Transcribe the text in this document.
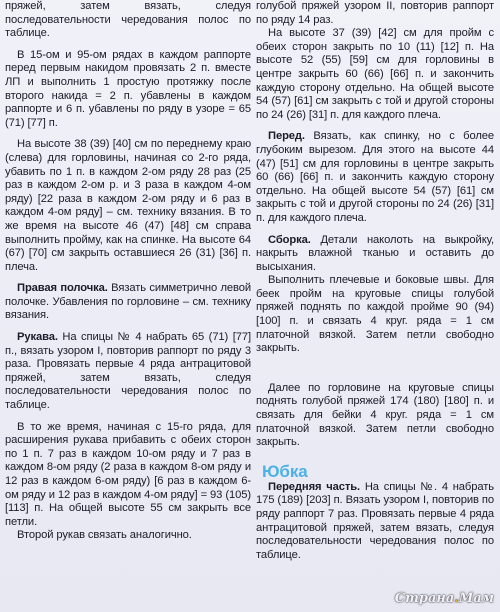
пряжей, затем вязать, следуя последовательности чередования полос по таблице.

В 15-ом и 95-ом рядах в каждом раппорте перед первым накидом провязать 2 п. вместе ЛП и выполнить 1 простую протяжку после второго накида = 2 п. убавлены в каждом раппорте и 6 п. убавлены по ряду в узоре = 65 (71) [77] п.

На высоте 38 (39) [40] см по переднему краю (слева) для горловины, начиная со 2-го ряда, убавить по 1 п. в каждом 2-ом ряду 28 раз (25 раз в каждом 2-ом р. и 3 раза в каждом 4-ом ряду) [22 раза в каждом 2-ом ряду и 6 раз в каждом 4-ом ряду] – см. технику вязания. В то же время на высоте 46 (47) [48] см справа выполнить пройму, как на спинке. На высоте 64 (67) [70] см закрыть оставшиеся 26 (31) [36] п. плеча.

Правая полочка. Вязать симметрично левой полочке. Убавления по горловине – см. технику вязания.

Рукава. На спицы № 4 набрать 65 (71) [77] п., вязать узором I, повторив раппорт по ряду 3 раза. Провязать первые 4 ряда антрацитовой пряжей, затем вязать, следуя последовательности чередования полос по таблице.

В то же время, начиная с 15-го ряда, для расширения рукава прибавить с обеих сторон по 1 п. 7 раз в каждом 10-ом ряду и 7 раз в каждом 8-ом ряду (2 раза в каждом 8-ом ряду и 12 раз в каждом 6-ом ряду) [6 раз в каждом 6-ом ряду и 12 раз в каждом 4-ом ряду] = 93 (105) [113] п. На общей высоте 55 см закрыть все петли.

Второй рукав связать аналогично.

голубой пряжей узором II, повторив раппорт по ряду 14 раз.

На высоте 37 (39) [42] см для пройм с обеих сторон закрыть по 10 (11) [12] п. На высоте 52 (55) [59] см для горловины в центре закрыть 60 (66) [66] п. и закончить каждую сторону отдельно. На общей высоте 54 (57) [61] см закрыть с той и другой стороны по 24 (26) [31] п. для каждого плеча.

Перед. Вязать, как спинку, но с более глубоким вырезом. Для этого на высоте 44 (47) [51] см для горловины в центре закрыть 60 (66) [66] п. и закончить каждую сторону отдельно. На общей высоте 54 (57) [61] см закрыть с той и другой стороны по 24 (26) [31] п. для каждого плеча.

Сборка. Детали наколоть на выкройку, накрыть влажной тканью и оставить до высыхания.

Выполнить плечевые и боковые швы. Для беек пройм на круговые спицы голубой пряжей поднять по каждой пройме 90 (94) [100] п. и связать 4 круг. ряда = 1 см платочной вязкой. Затем петли свободно закрыть.

Далее по горловине на круговые спицы поднять голубой пряжей 174 (180) [180] п. и связать для бейки 4 круг. ряда = 1 см платочной вязкой. Затем петли свободно закрыть.

Юбка

Передняя часть. На спицы №. 4 набрать 175 (189) [203] п. Вязать узором I, повторив по ряду раппорт 7 раз. Провязать первые 4 ряда антрацитовой пряжей, затем вязать, следуя последовательности чередования полос по таблице.

Страна.Мам
